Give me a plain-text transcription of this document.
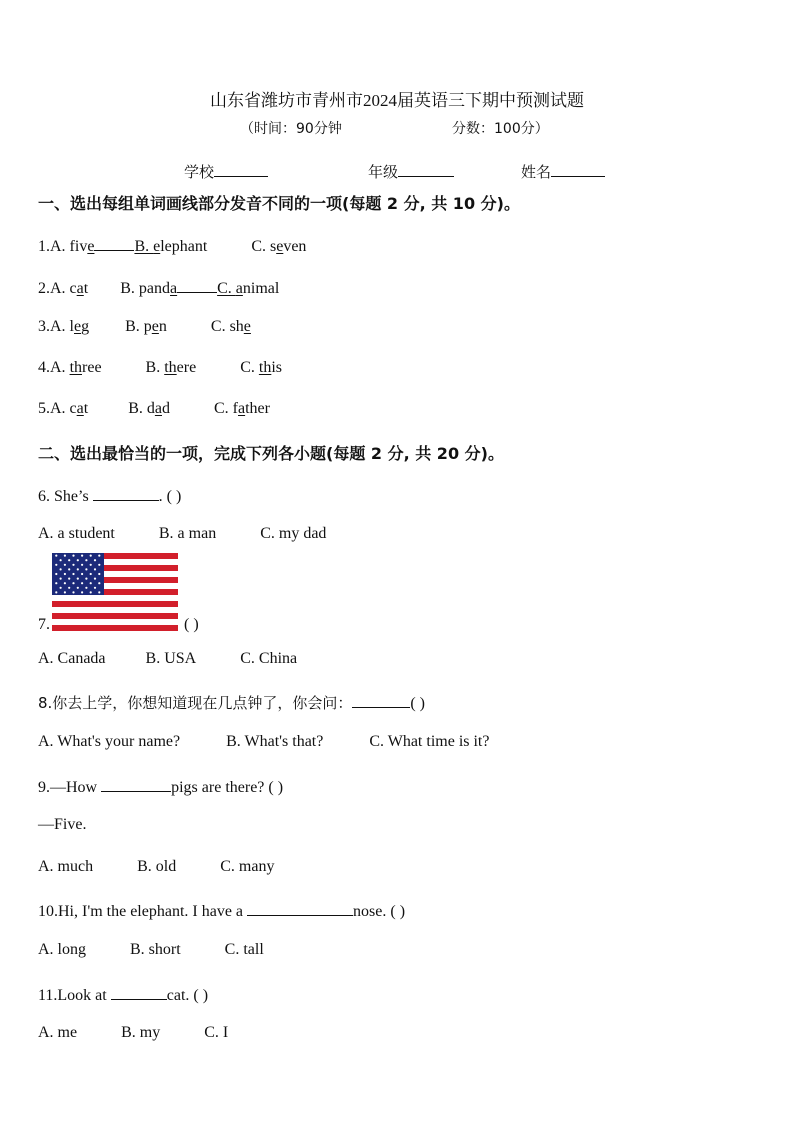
山东省潍坊市青州市2024届英语三下期中预测试题
（时间：90分钟	分数：100分）
学校	年级	姓名
一、选出每组单词画线部分发音不同的一项(每题 2 分, 共 10 分)。
1.A. five	B. elephant	C. seven
2.A. cat B. panda	C. animal
3.A. leg B. pen	C. she
4.A. three	B. there	C. this
5.A. cat	B. dad	C. father
二、选出最恰当的一项，完成下列各小题(每题 2 分, 共 20 分)。
6. She’s	. ( )
A. a student	B. a man	C. my dad
7.	( )
A. Canada	B. USA	C. China
8.你去上学，你想知道现在几点钟了，你会问：	( )
A. What's your name?	B. What's that?	C. What time is it?
9.—How	pigs are there? ( )
—Five.
A. much	B. old	C. many
10.Hi, I'm the elephant. I have a	nose. ( )
A. long	B. short	C. tall
11.Look at	cat. ( )
A. me	B. my	C. I
